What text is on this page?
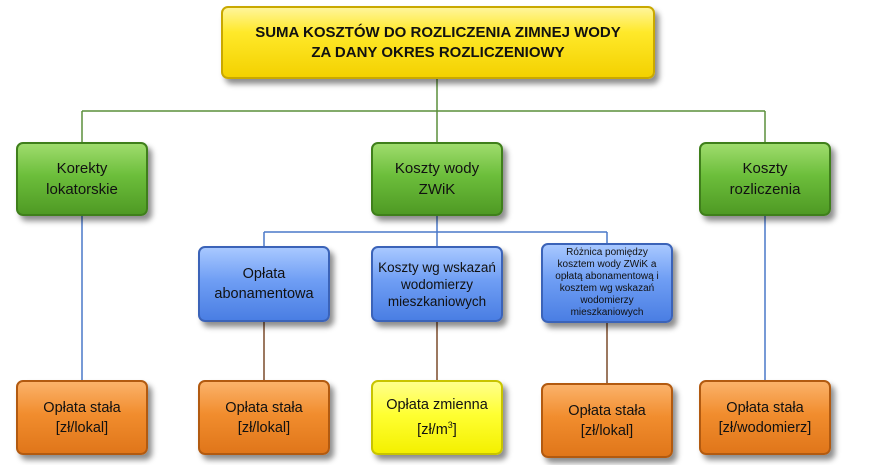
SUMA KOSZTÓW DO ROZLICZENIA ZIMNEJ WODY
ZA DANY OKRES ROZLICZENIOWY
Korekty
lokatorskie
Koszty wody
ZWiK
Koszty
rozliczenia
Opłata
abonamentowa
Koszty wg wskazań
wodomierzy
mieszkaniowych
Różnica pomiędzy
kosztem wody ZWiK a
opłatą abonamentową i
kosztem wg wskazań
wodomierzy
mieszkaniowych
Opłata stała
[zł/lokal]
Opłata stała
[zł/lokal]
Opłata zmienna
$[zł/m^3]$
Opłata stała
[zł/lokal]
Opłata stała
[zł/wodomierz]
